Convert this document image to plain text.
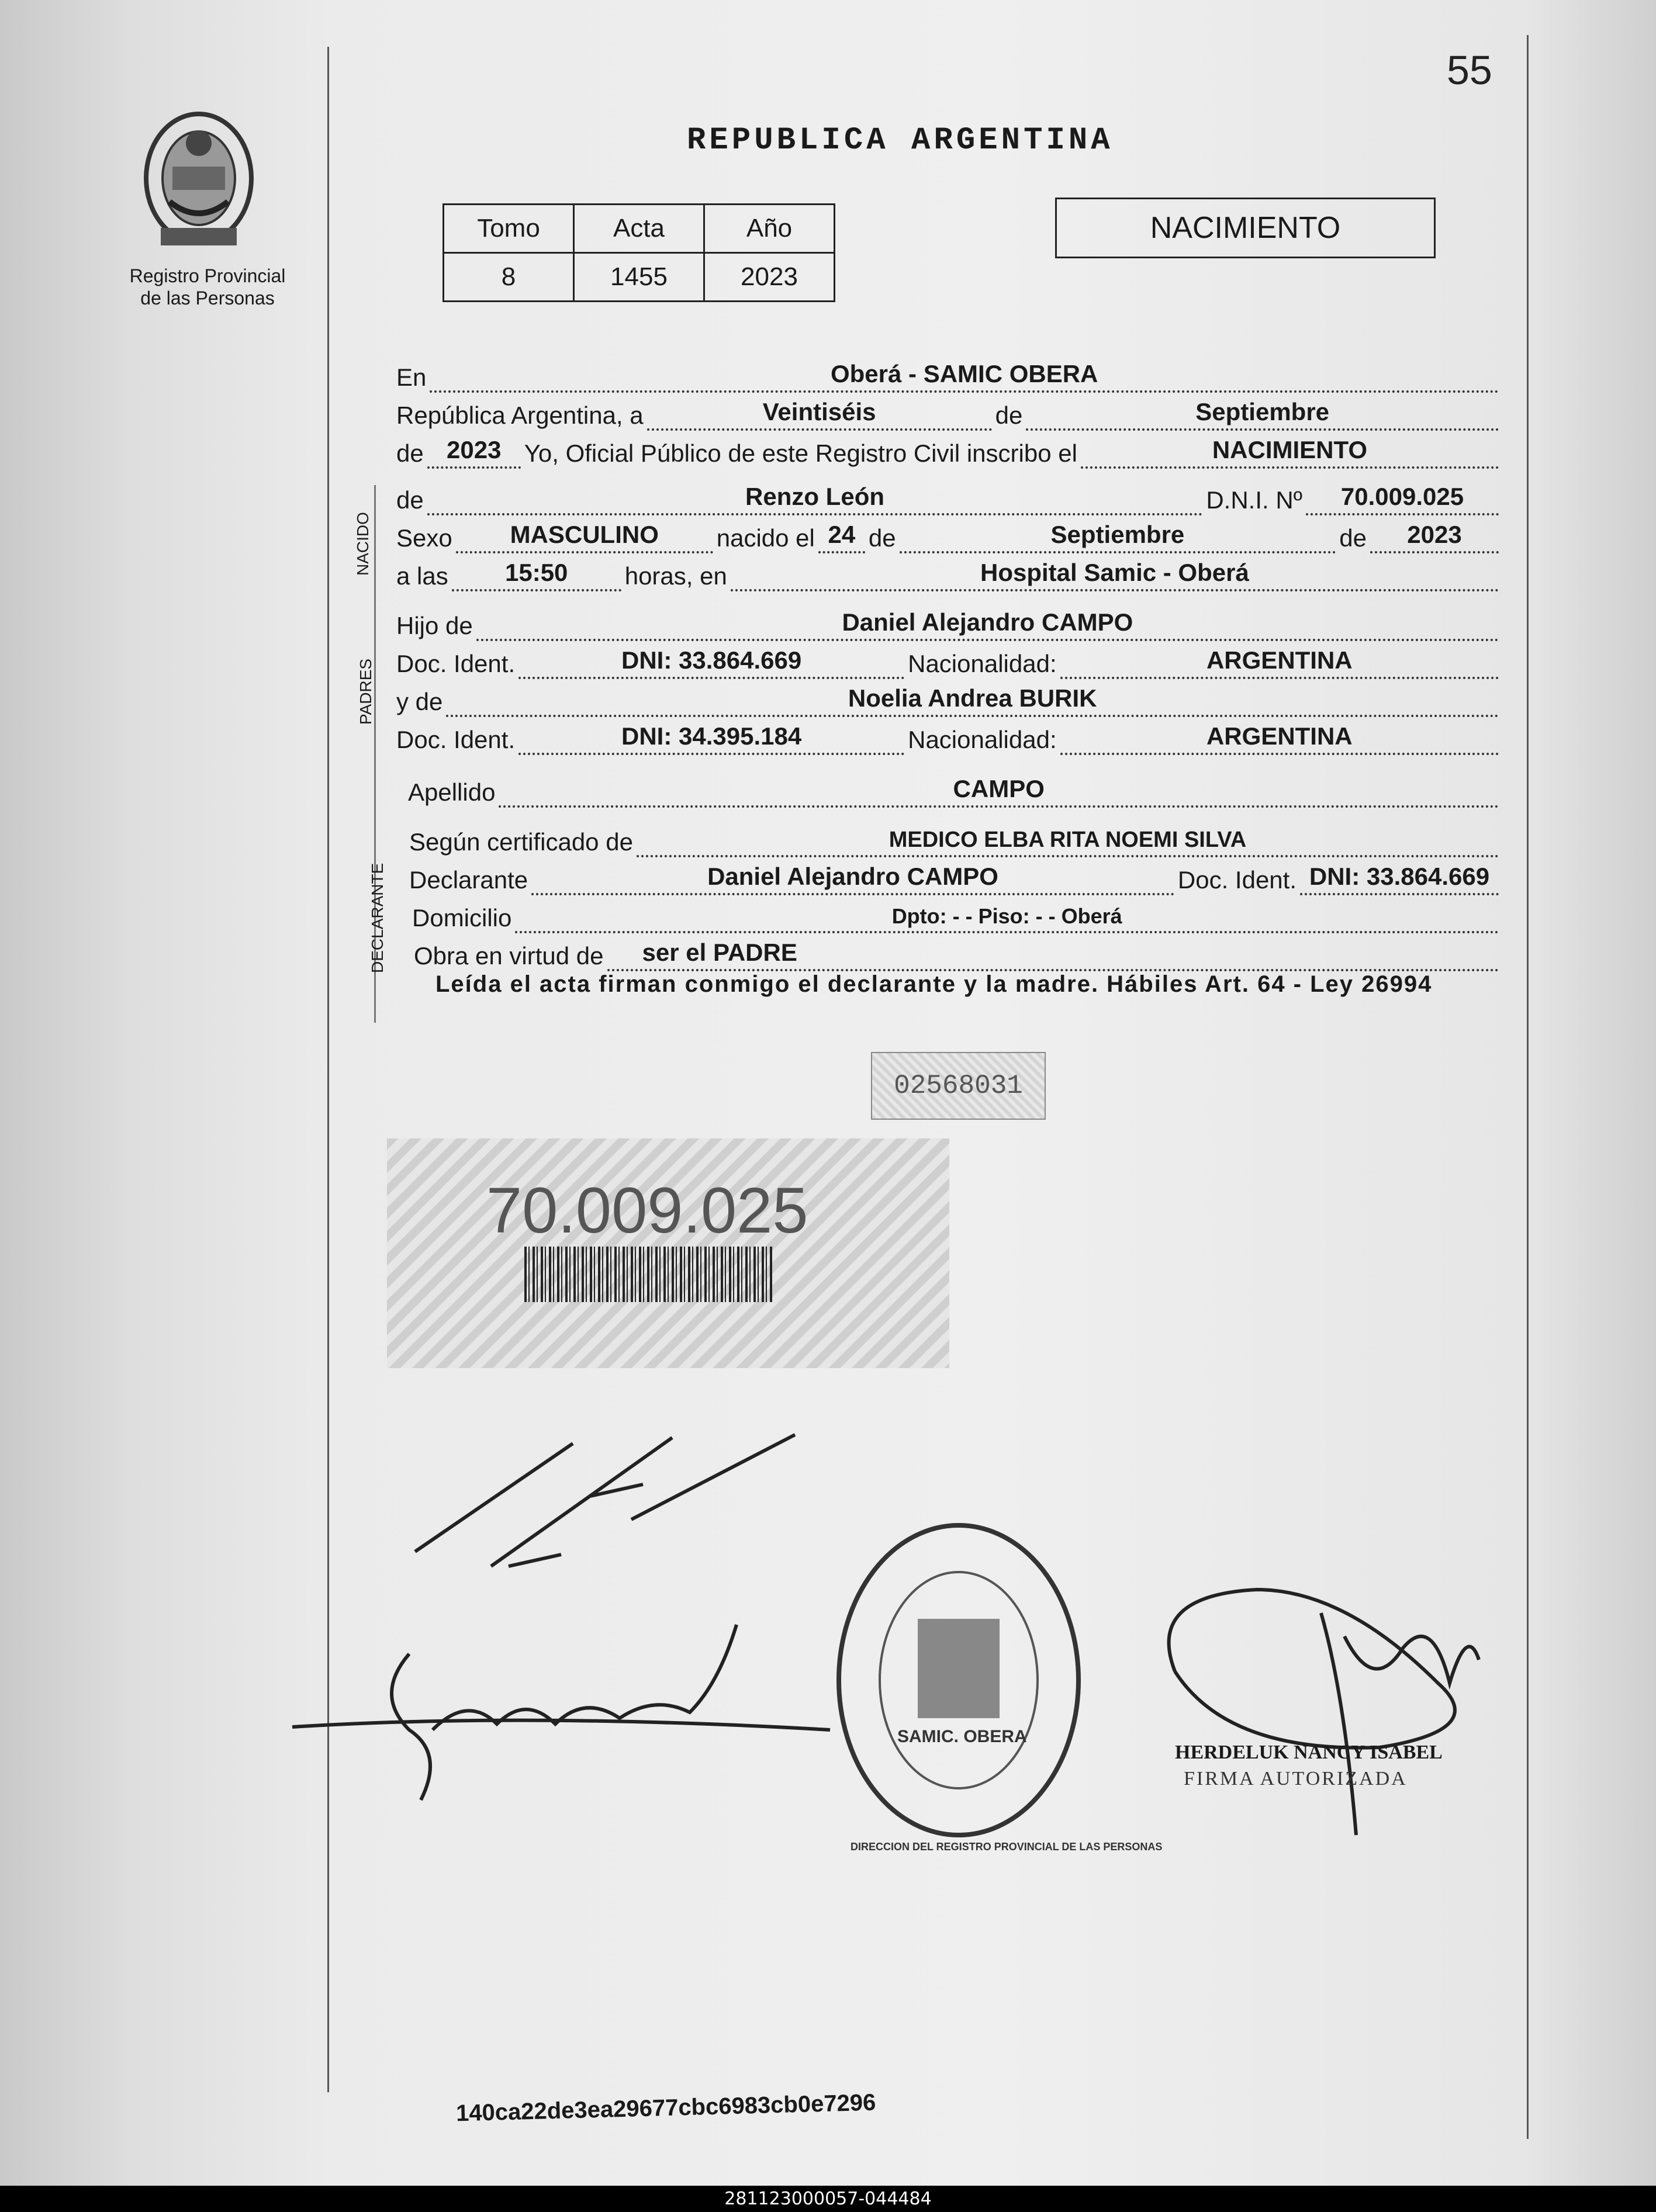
55
Registro Provincial de las Personas
REPUBLICA ARGENTINA
Tomo	Acta	Año
8	1455	2023
NACIMIENTO
En	Oberá - SAMIC OBERA
República Argentina, a	Veintiséis	de	Septiembre
de 2023 Yo, Oficial Público de este Registro Civil inscribo el	NACIMIENTO
NACIDO
de	Renzo León	D.N.I. Nº	70.009.025
Sexo	MASCULINO	nacido el 24 de	Septiembre	de	2023
a las	15:50	horas, en	Hospital Samic - Oberá
PADRES
Hijo de	Daniel Alejandro CAMPO
Doc. Ident.	DNI: 33.864.669	Nacionalidad:	ARGENTINA
y de	Noelia Andrea BURIK
Doc. Ident.	DNI: 34.395.184	Nacionalidad:	ARGENTINA
Apellido	CAMPO
DECLARANTE
Según certificado de	MEDICO ELBA RITA NOEMI SILVA
Declarante	Daniel Alejandro CAMPO	Doc. Ident. DNI: 33.864.669
Domicilio	Dpto: - - Piso: - - Oberá
Obra en virtud de ser el PADRE
Leída el acta firman conmigo el declarante y la madre. Hábiles Art. 64 - Ley 26994
02568031
70.009.025
SAMIC. OBERA
DIRECCION DEL REGISTRO PROVINCIAL DE LAS PERSONAS
HERDELUK NANCY ISABEL
FIRMA AUTORIZADA
140ca22de3ea29677cbc6983cb0e7296
281123000057-044484
